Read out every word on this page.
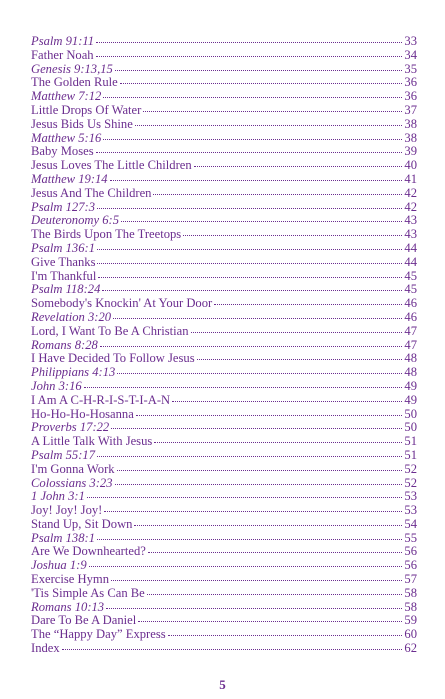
Psalm 91:11	33
Father Noah	34
Genesis 9:13,15	35
The Golden Rule	36
Matthew 7:12	36
Little Drops Of Water	37
Jesus Bids Us Shine	38
Matthew 5:16	38
Baby Moses	39
Jesus Loves The Little Children	40
Matthew 19:14	41
Jesus And The Children	42
Psalm 127:3	42
Deuteronomy 6:5	43
The Birds Upon The Treetops	43
Psalm 136:1	44
Give Thanks	44
I'm Thankful	45
Psalm 118:24	45
Somebody's Knockin' At Your Door	46
Revelation 3:20	46
Lord, I Want To Be A Christian	47
Romans 8:28	47
I Have Decided To Follow Jesus	48
Philippians 4:13	48
John 3:16	49
I Am A C-H-R-I-S-T-I-A-N	49
Ho-Ho-Ho-Hosanna	50
Proverbs 17:22	50
A Little Talk With Jesus	51
Psalm 55:17	51
I'm Gonna Work	52
Colossians 3:23	52
1 John 3:1	53
Joy! Joy! Joy!	53
Stand Up, Sit Down	54
Psalm 138:1	55
Are We Downhearted?	56
Joshua 1:9	56
Exercise Hymn	57
'Tis Simple As Can Be	58
Romans 10:13	58
Dare To Be A Daniel	59
The “Happy Day” Express	60
Index	62
5
